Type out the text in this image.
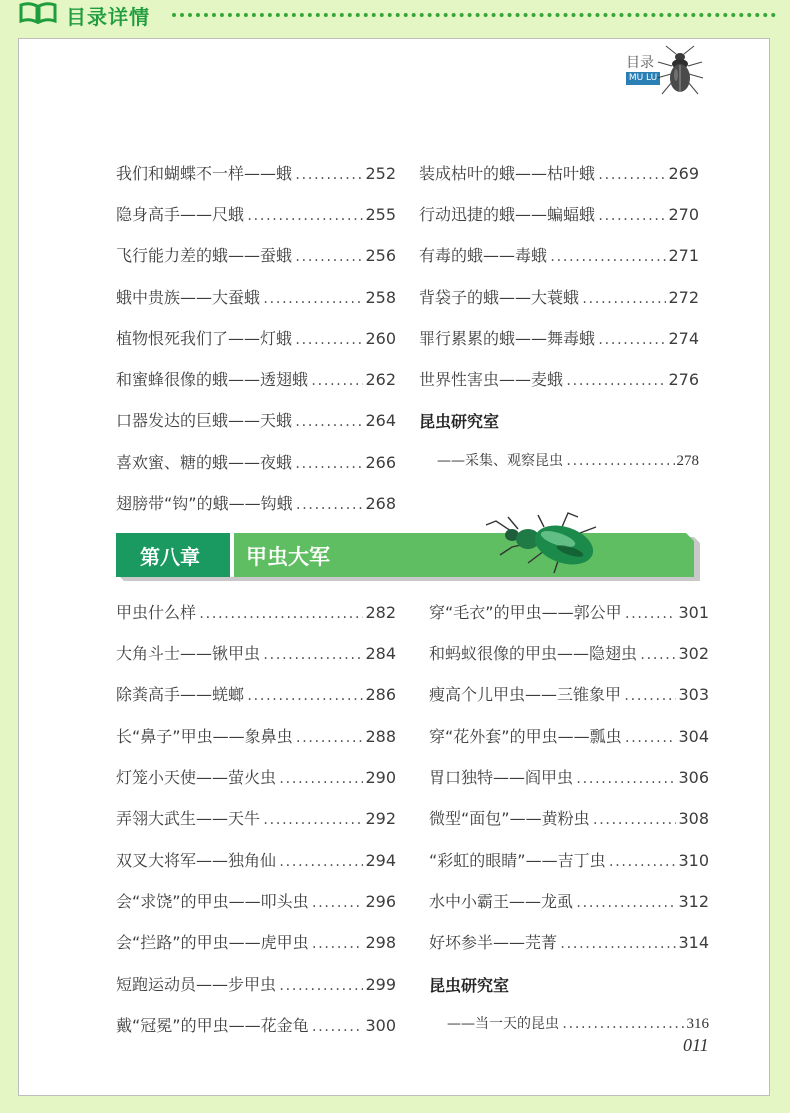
目录详情
目录
MU LU
我们和蝴蝶不一样——蛾 .....	252
隐身高手——尺蛾 .....	255
飞行能力差的蛾——蚕蛾 .....	256
蛾中贵族——大蚕蛾 .....	258
植物恨死我们了——灯蛾 .....	260
和蜜蜂很像的蛾——透翅蛾 .....	262
口器发达的巨蛾——天蛾 .....	264
喜欢蜜、糖的蛾——夜蛾 .....	266
翅膀带“钩”的蛾——钩蛾 .....	268
装成枯叶的蛾——枯叶蛾 .....	269
行动迅捷的蛾——蝙蝠蛾 .....	270
有毒的蛾——毒蛾 .....	271
背袋子的蛾——大蓑蛾 .....	272
罪行累累的蛾——舞毒蛾 .....	274
世界性害虫——麦蛾 .....	276
昆虫研究室
——采集、观察昆虫 .....	278
第八章 甲虫大军
甲虫什么样 .....	282
大角斗士——锹甲虫 .....	284
除粪高手——蜣螂 .....	286
长“鼻子”甲虫——象鼻虫 .....	288
灯笼小天使——萤火虫 .....	290
弄翎大武生——天牛 .....	292
双叉大将军——独角仙 .....	294
会“求饶”的甲虫——叩头虫 .....	296
会“拦路”的甲虫——虎甲虫 .....	298
短跑运动员——步甲虫 .....	299
戴“冠冕”的甲虫——花金龟 .....	300
穿“毛衣”的甲虫——郭公甲 .....	301
和蚂蚁很像的甲虫——隐翅虫 .....	302
瘦高个儿甲虫——三锥象甲 .....	303
穿“花外套”的甲虫——瓢虫 .....	304
胃口独特——阎甲虫 .....	306
微型“面包”——黄粉虫 .....	308
“彩虹的眼睛”——吉丁虫 .....	310
水中小霸王——龙虱 .....	312
好坏参半——芫菁 .....	314
昆虫研究室
——当一天的昆虫 .....	316
011
